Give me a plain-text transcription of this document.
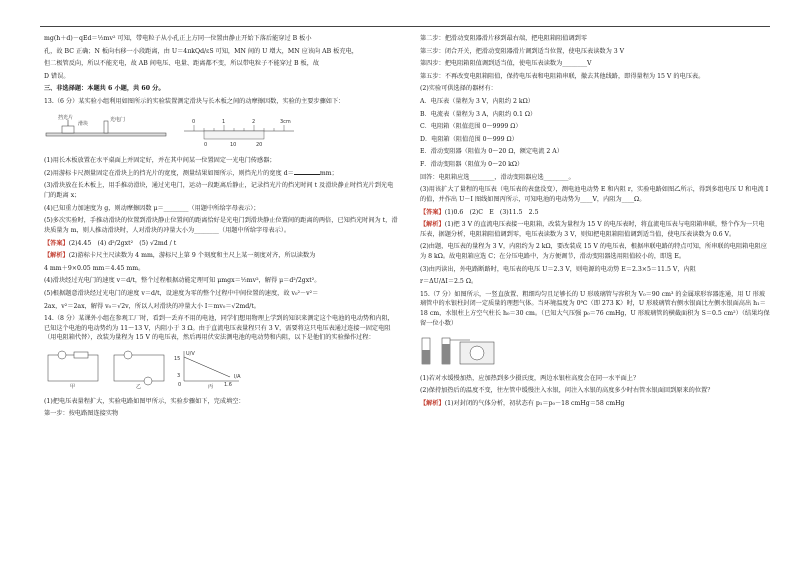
mg(h＋d)－qEd＝½mv² 可知，带电粒子从小孔正上方同一位置由静止开始下落后能穿过 B 板小

孔，故 BC 正确；N 板向右移一小段距离，由 U＝4πkQd/εS 可知，MN 间的 U 增大，MN 应该向 AB 板充电，

但二极管反向，所以不能充电，故 AB 间电压、电量、距离都不变，所以带电粒子不能穿过 B 板，故

D 错误。

三、非选择题：本题共 6 小题，共 60 分。

13.（6 分）某实验小组利用如图所示的实验装置测定滑块与长木板之间的动摩擦因数，实验的主要步骤如下：

挡光片
滑块
光电门	0	1	2	3cm
0	10	20

(1)用长木板放置在水平桌面上并固定好，并在其中间某一位置固定一光电门传感器；

(2)用游标卡尺测量固定在滑块上的挡光片的宽度，测量结果如图所示，则挡光片的宽度 d＝	mm；

(3)滑块放在长木板上，用手推动滑块，通过光电门，运动一段距离后静止，记录挡光片的挡光时间 t 及滑块静止时挡光片到光电门的距离 x；

(4)已知重力加速度为 g，则动摩擦因数 μ＝________（用题中所给字母表示）；

(5)多次实验时，手推动滑块的位置到滑块静止位置间的距离恰好是光电门到滑块静止位置间的距离的两倍，已知挡光时间为 t，滑块质量为 m，则人推动滑块时，人对滑块的冲量大小为________（用题中所给字母表示）。

【答案】(2)4.45　(4) d²/2gxt²　(5) √2md / t

【解析】(2)游标卡尺主尺读数为 4 mm，游标尺上第 9 个刻度和主尺上某一刻度对齐，所以读数为

4 mm＋9×0.05 mm＝4.45 mm。

(4)滑块经过光电门的速度 v＝d/t，整个过程根据动能定理可知 μmgx＝½mv²，解得 μ＝d²/2gxt²。

(5)根据题意滑块经过光电门的速度 v＝d/t，设速度为零的整个过程中中间位置的速度，故 v₀²－v²＝

2ax，v²＝2ax，解得 v₀＝√2v，所以人对滑块的冲量大小 I＝mv₀＝√2md/t。

14.（8 分）某课外小组在参观工厂时，看到一丢弃不用的电池，同学们想用物理上学到的知识来测定这个电池的电动势和内阻，已知这个电池的电动势约为 11～13 V，内阻小于 3 Ω。由于直流电压表量程只有 3 V，需要将这只电压表通过连接一固定电阻（用电阻箱代替），改装为量程为 15 V 的电压表，然后再用伏安法测电池的电动势和内阻，以下是他们的实验操作过程：

甲	乙
U/V
15
3
0	1.6
I/A
丙

(1)把电压表量程扩大，实验电路如图甲所示，实验步骤如下，完成填空：

第一步：按电路图连接实物

第二步：把滑动变阻器滑片移到最右端，把电阻箱阻值调到零

第三步：闭合开关，把滑动变阻器滑片调到适当位置，使电压表读数为 3 V

第四步：把电阻箱阻值调到适当值，使电压表读数为________V

第五步：不再改变电阻箱阻值，保持电压表和电阻箱串联，撤去其他线路，即得量程为 15 V 的电压表。

(2)实验可供选择的器材有：

A．电压表（量程为 3 V，内阻约 2 kΩ）

B．电流表（量程为 3 A，内阻约 0.1 Ω）

C．电阻箱（阻值范围 0～9999 Ω）

D．电阻箱（阻值范围 0～999 Ω）

E．滑动变阻器（阻值为 0～20 Ω，额定电流 2 A）

F．滑动变阻器（阻值为 0～20 kΩ）

回答：电阻箱应选________，滑动变阻器应选________。

(3)用该扩大了量程的电压表（电压表的表盘没变），测电池电动势 E 和内阻 r，实验电路如图乙所示，得到多组电压 U 和电流 I 的值，并作出 U－I 图线如图丙所示，可知电池的电动势为____V，内阻为____Ω。

【答案】(1)0.6　(2)C　E　(3)11.5　2.5

【解析】(1)把 3 V 的直流电压表接一电阻箱，改装为量程为 15 V 的电压表时，将直流电压表与电阻箱串联，整个作为一只电压表，据题分析，电阻箱阻值调到零，电压表读数为 3 V，则知把电阻箱阻值调到适当值，使电压表读数为 0.6 V。

(2)由题，电压表的量程为 3 V，内阻约为 2 kΩ，要改装成 15 V 的电压表，根据串联电路的特点可知，所串联的电阻箱电阻应为 8 kΩ。故电阻箱应选 C；在分压电路中，为方便调节，滑动变阻器选用阻值较小的，即选 E。

(3)由丙读出，外电路断路时，电压表的电压 U＝2.3 V，则电源的电动势 E＝2.3×5＝11.5 V，内阻

r＝ΔU/ΔI＝2.5 Ω。

15.（7 分）如图所示，一竖直放置、粗细均匀且足够长的 U 形玻璃管与容积为 V₀＝90 cm³ 的金属球形容器连通，用 U 形玻璃管中的水银柱封闭一定质量的理想气体。当环境温度为 0℃（即 273 K）时，U 形玻璃管右侧水银面比左侧水银面高出 h₁＝18 cm，水银柱上方空气柱长 h₀＝30 cm。（已知大气压强 p₀＝76 cmHg，U 形玻璃管的横截面积为 S＝0.5 cm²）（结果均保留一位小数）

(1)若对水缓慢加热，应加热到多少摄氏度，两边水银柱高度会在同一水平面上？

(2)保持加热后的温度不变，往左管中缓慢注入水银，问注入水银的高度多少时右管水银面回到原来的位置？

【解析】(1)对封闭的气体分析，初状态有 p₁＝p₀－18 cmHg＝58 cmHg
